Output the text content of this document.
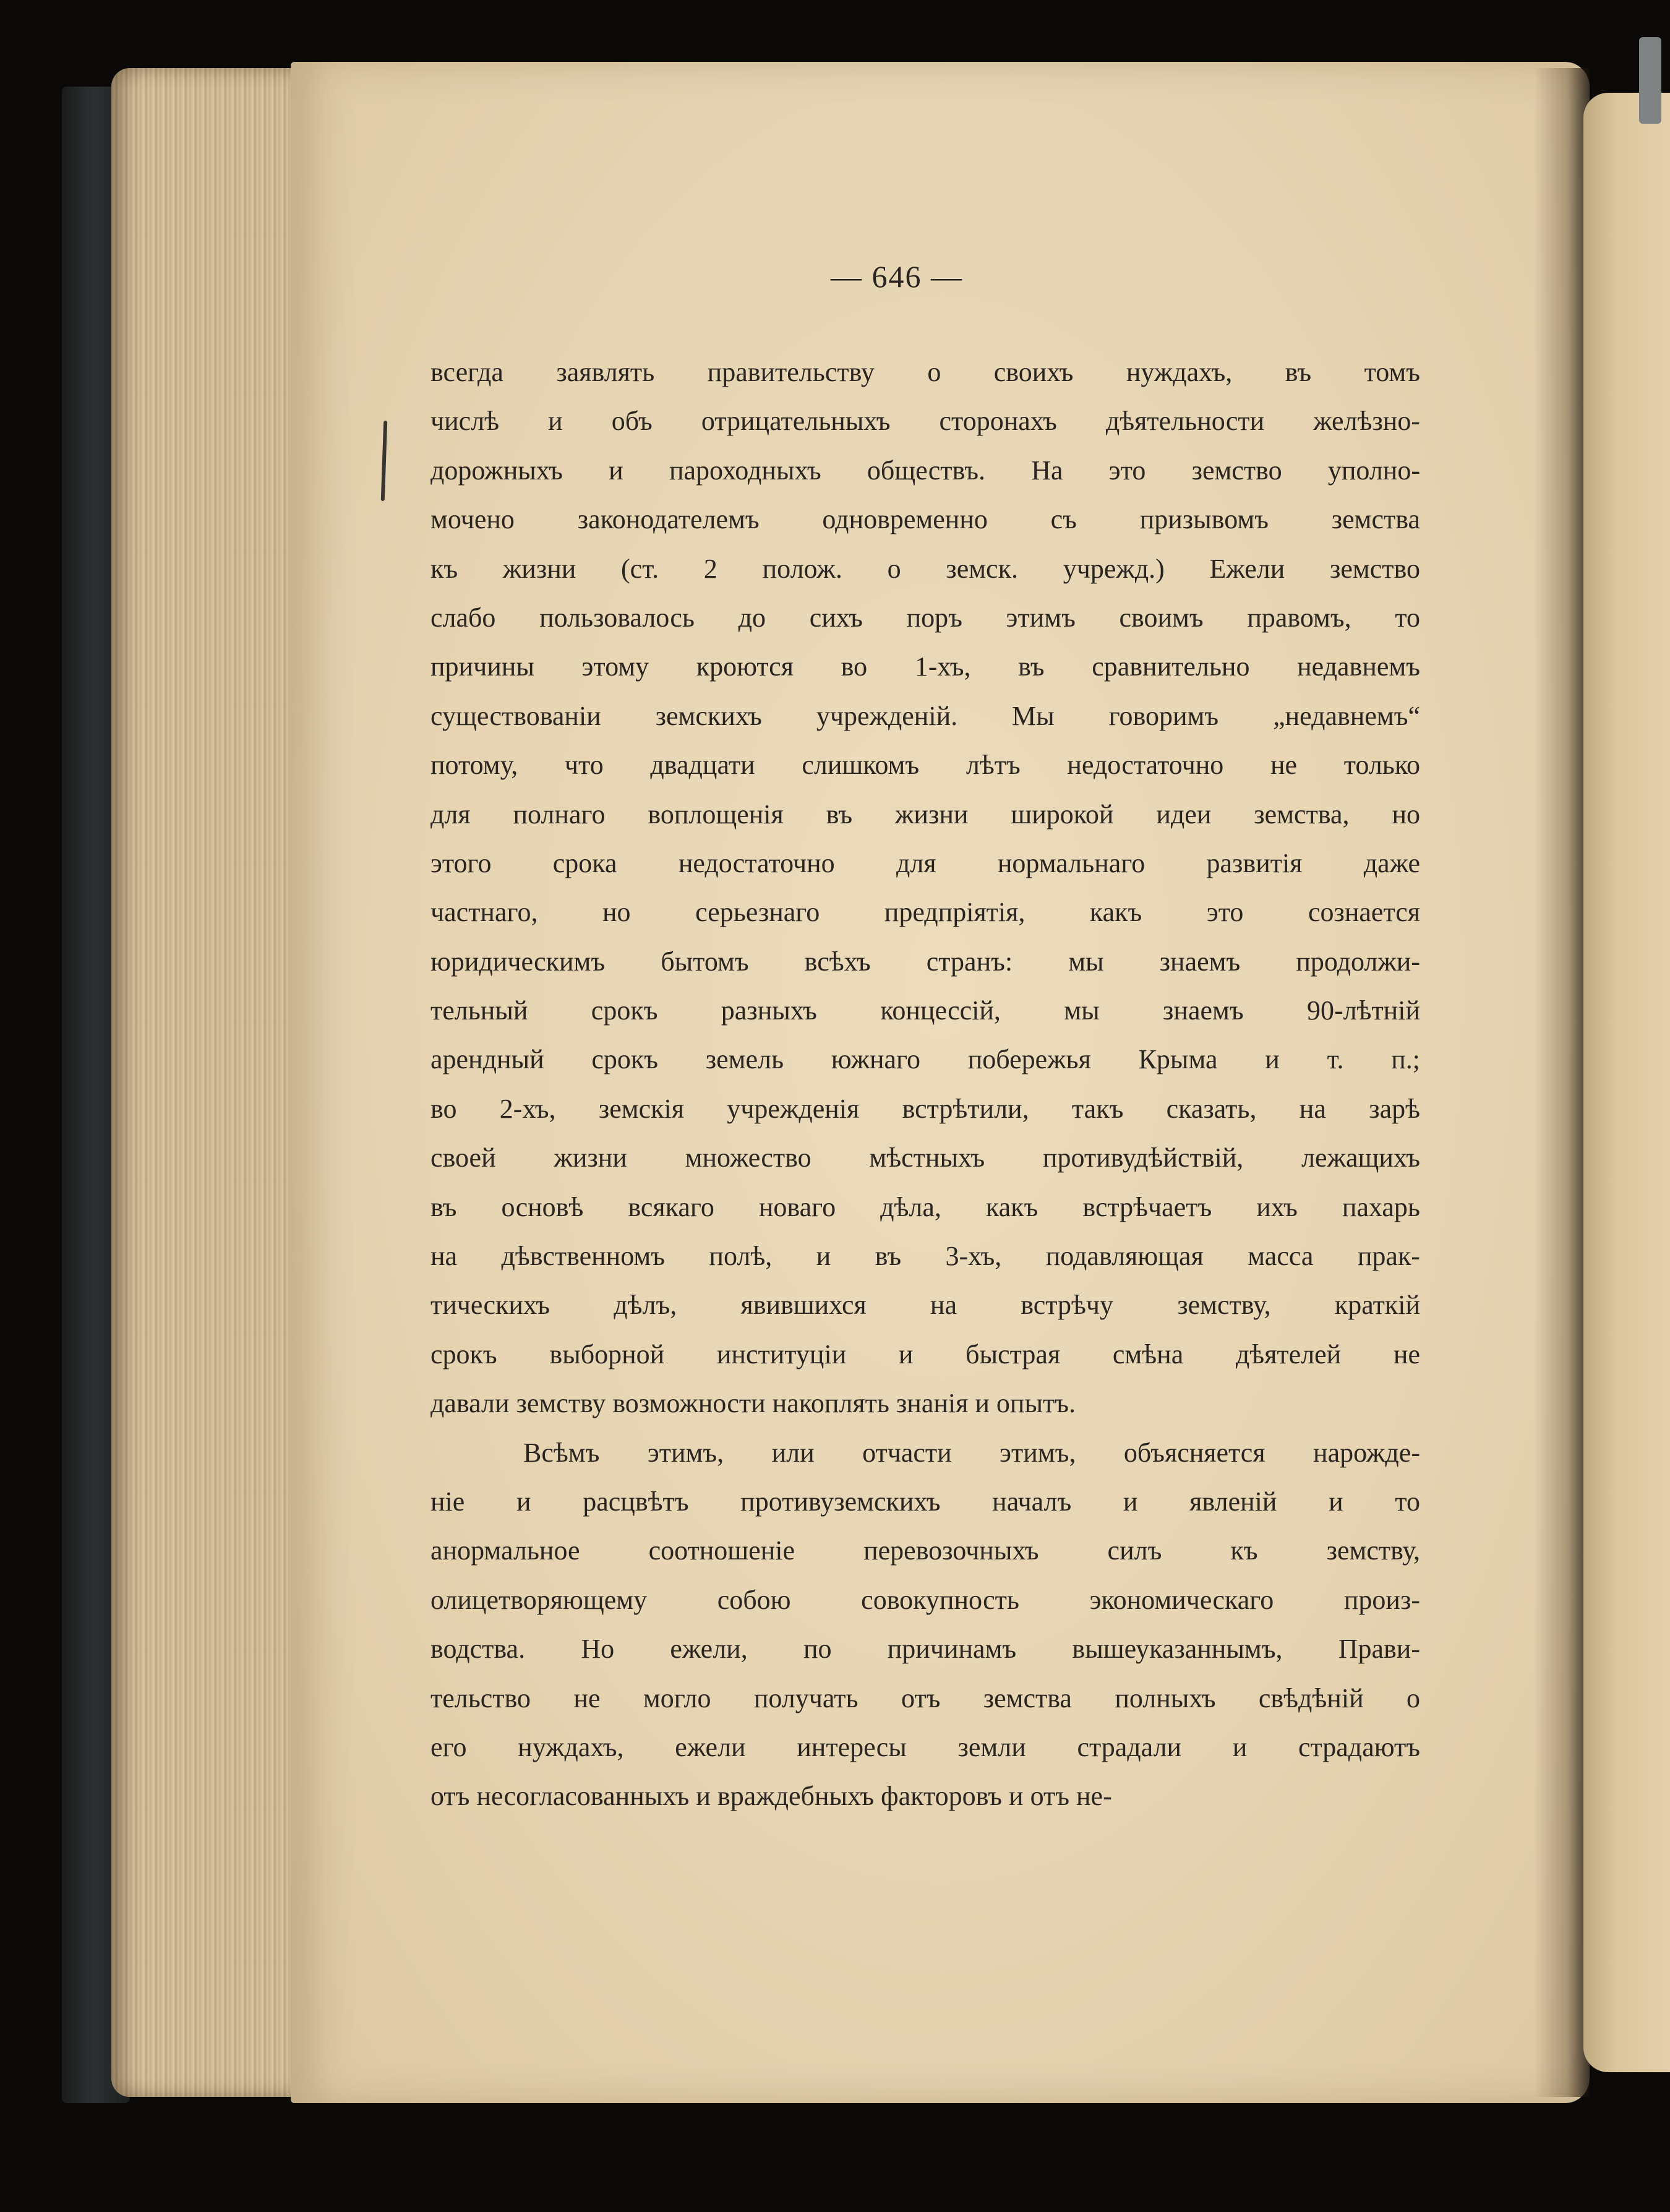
— 646 —
всегда заявлять правительству о своихъ нуждахъ, въ томъ
числѣ и объ отрицательныхъ сторонахъ дѣятельности желѣзно-
дорожныхъ и пароходныхъ обществъ. На это земство уполно-
мочено законодателемъ одновременно съ призывомъ земства
къ жизни (ст. 2 полож. о земск. учрежд.) Ежели земство
слабо пользовалось до сихъ поръ этимъ своимъ правомъ, то
причины этому кроются во 1-хъ, въ сравнительно недавнемъ
существованіи земскихъ учрежденій. Мы говоримъ „недавнемъ“
потому, что двадцати слишкомъ лѣтъ недостаточно не только
для полнаго воплощенія въ жизни широкой идеи земства, но
этого срока недостаточно для нормальнаго развитія даже
частнаго, но серьезнаго предпріятія, какъ это сознается
юридическимъ бытомъ всѣхъ странъ: мы знаемъ продолжи-
тельный срокъ разныхъ концессій, мы знаемъ 90-лѣтній
арендный срокъ земель южнаго побережья Крыма и т. п.;
во 2-хъ, земскія учрежденія встрѣтили, такъ сказать, на зарѣ
своей жизни множество мѣстныхъ противудѣйствій, лежащихъ
въ основѣ всякаго новаго дѣла, какъ встрѣчаетъ ихъ пахарь
на дѣвственномъ полѣ, и въ 3-хъ, подавляющая масса прак-
тическихъ дѣлъ, явившихся на встрѣчу земству, краткій
срокъ выборной институціи и быстрая смѣна дѣятелей не
давали земству возможности накоплять знанія и опытъ.
Всѣмъ этимъ, или отчасти этимъ, объясняется нарожде-
ніе и расцвѣтъ противуземскихъ началъ и явленій и то
анормальное соотношеніе перевозочныхъ силъ къ земству,
олицетворяющему собою совокупность экономическаго произ-
водства. Но ежели, по причинамъ вышеуказаннымъ, Прави-
тельство не могло получать отъ земства полныхъ свѣдѣній о
его нуждахъ, ежели интересы земли страдали и страдаютъ
отъ несогласованныхъ и враждебныхъ факторовъ и отъ не-
